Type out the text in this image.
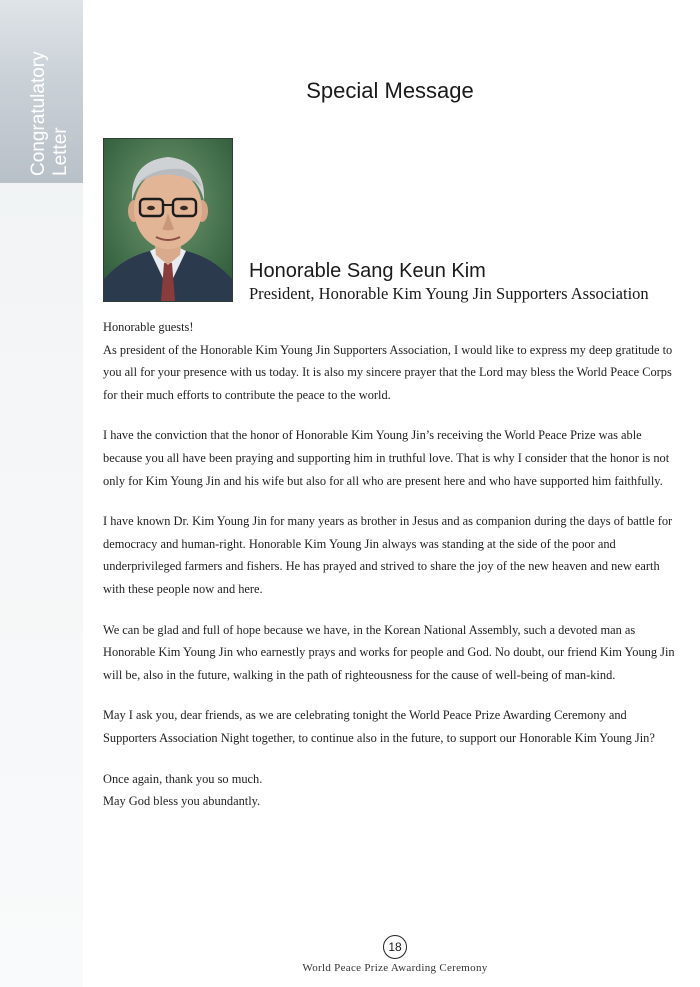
Congratulatory Letter
Special Message
Honorable Sang Keun Kim
President, Honorable Kim Young Jin Supporters Association

Honorable guests!

As president of the Honorable Kim Young Jin Supporters Association, I would like to express my deep gratitude to you all for your presence with us today. It is also my sincere prayer that the Lord may bless the World Peace Corps for their much efforts to contribute the peace to the world.

I have the conviction that the honor of Honorable Kim Young Jin’s receiving the World Peace Prize was able because you all have been praying and supporting him in truthful love. That is why I consider that the honor is not only for Kim Young Jin and his wife but also for all who are present here and who have supported him faithfully.

I have known Dr. Kim Young Jin for many years as brother in Jesus and as companion during the days of battle for democracy and human-right. Honorable Kim Young Jin always was standing at the side of the poor and underprivileged farmers and fishers. He has prayed and strived to share the joy of the new heaven and new earth with these people now and here.

We can be glad and full of hope because we have, in the Korean National Assembly, such a devoted man as Honorable Kim Young Jin who earnestly prays and works for people and God. No doubt, our friend Kim Young Jin will be, also in the future, walking in the path of righteousness for the cause of well-being of man-kind.

May I ask you, dear friends, as we are celebrating tonight the World Peace Prize Awarding Ceremony and Supporters Association Night together, to continue also in the future, to support our Honorable Kim Young Jin?

Once again, thank you so much.

May God bless you abundantly.

18
World Peace Prize Awarding Ceremony
